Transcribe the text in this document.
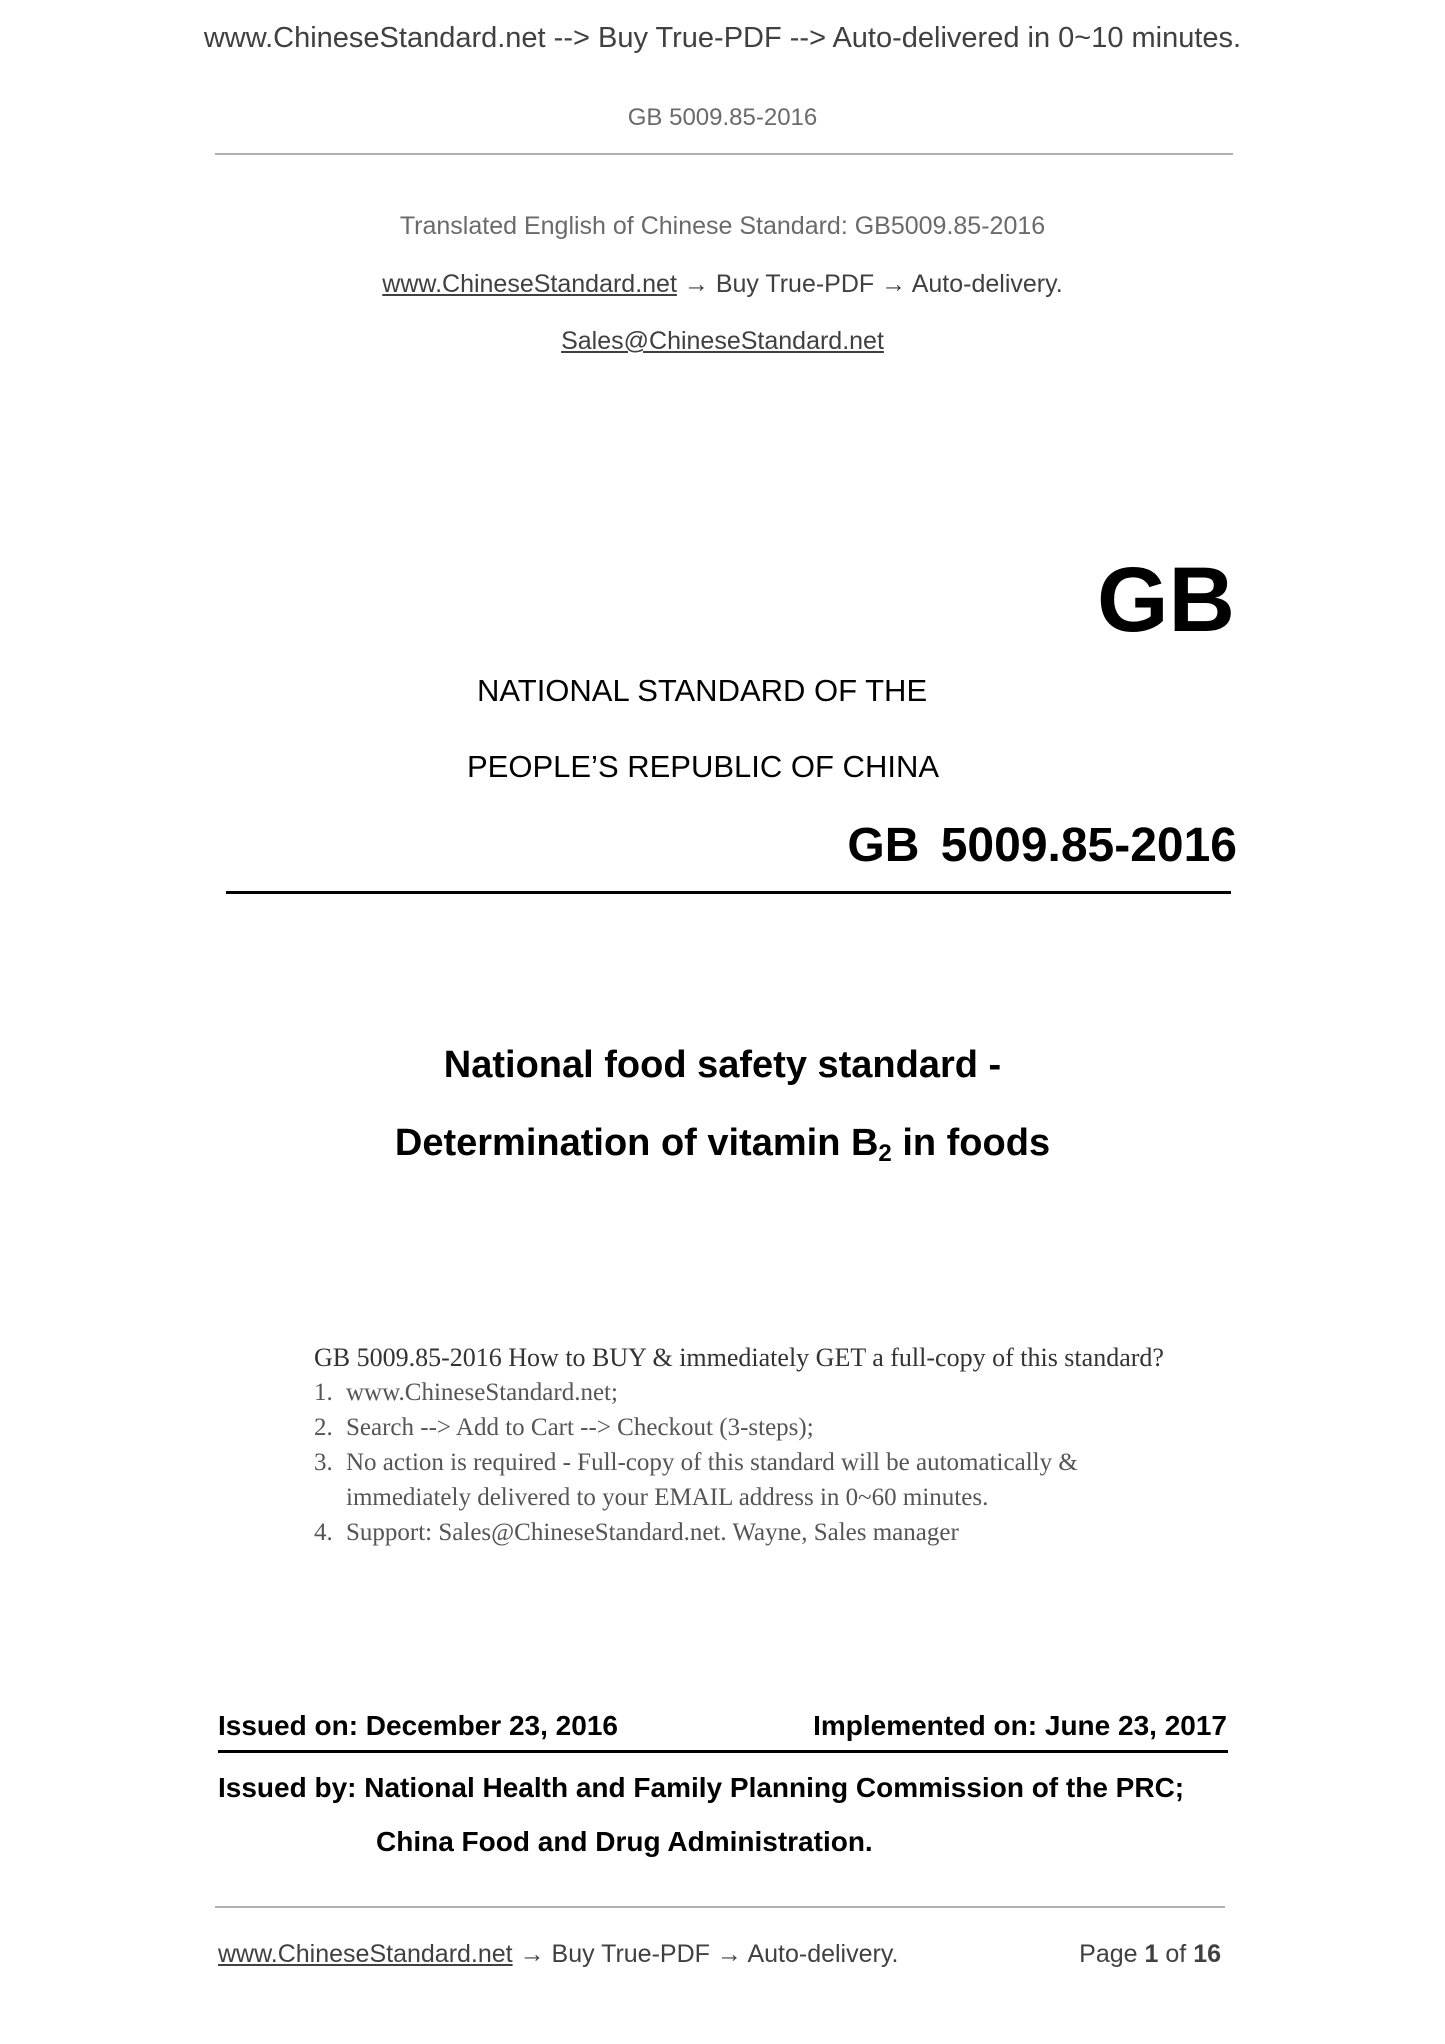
www.ChineseStandard.net --> Buy True-PDF --> Auto-delivered in 0~10 minutes.
GB 5009.85-2016
Translated English of Chinese Standard: GB5009.85-2016
www.ChineseStandard.net → Buy True-PDF → Auto-delivery.
Sales@ChineseStandard.net
GB
NATIONAL STANDARD OF THE
PEOPLE’S REPUBLIC OF CHINA
GB 5009.85-2016
National food safety standard -
Determination of vitamin $B_2$ in foods
GB 5009.85-2016 How to BUY & immediately GET a full-copy of this standard?
1. www.ChineseStandard.net;
2. Search --> Add to Cart --> Checkout (3-steps);
3. No action is required - Full-copy of this standard will be automatically & immediately delivered to your EMAIL address in 0~60 minutes.
4. Support: Sales@ChineseStandard.net. Wayne, Sales manager
Issued on: December 23, 2016	Implemented on: June 23, 2017
Issued by: National Health and Family Planning Commission of the PRC;
China Food and Drug Administration.
www.ChineseStandard.net → Buy True-PDF → Auto-delivery.	Page 1 of 16
